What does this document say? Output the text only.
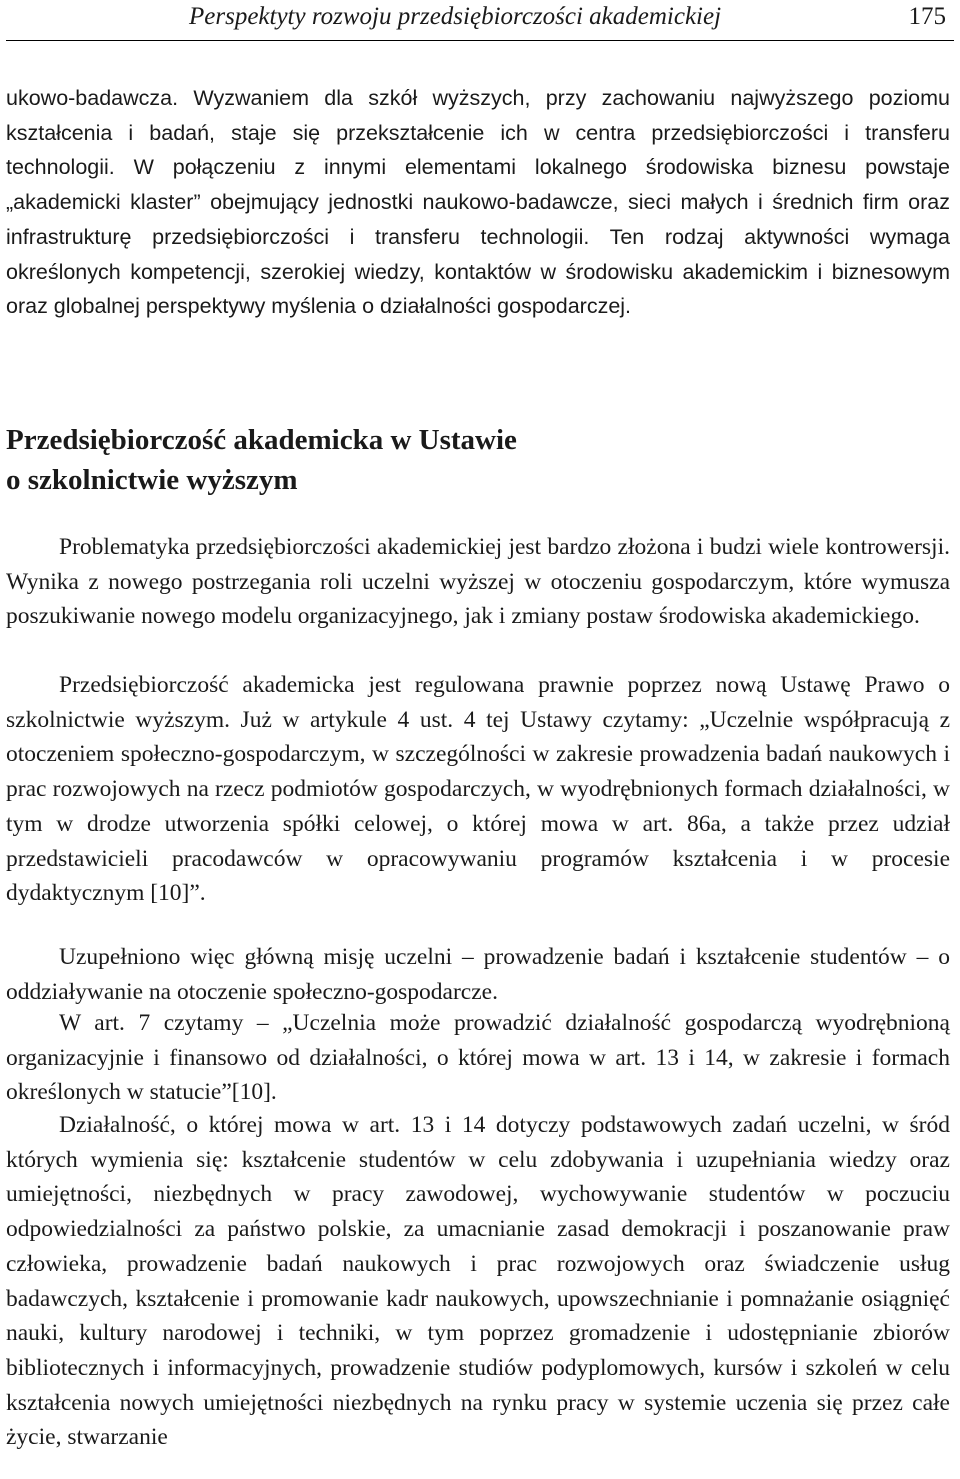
Perspektyty rozwoju przedsiębiorczości akademickiej	175

ukowo-badawcza. Wyzwaniem dla szkół wyższych, przy zachowaniu najwyższego poziomu kształcenia i badań, staje się przekształcenie ich w centra przedsiębiorczości i transferu technologii. W połączeniu z innymi elementami lokalnego środowiska biznesu powstaje „akademicki klaster” obejmujący jednostki naukowo-badawcze, sieci małych i średnich firm oraz infrastrukturę przedsiębiorczości i transferu technologii. Ten rodzaj aktywności wymaga określonych kompetencji, szerokiej wiedzy, kontaktów w środowisku akademickim i biznesowym oraz globalnej perspektywy myślenia o działalności gospodarczej.

Przedsiębiorczość akademicka w Ustawie
o szkolnictwie wyższym

Problematyka przedsiębiorczości akademickiej jest bardzo złożona i budzi wiele kontrowersji. Wynika z nowego postrzegania roli uczelni wyższej w otoczeniu gospodarczym, które wymusza poszukiwanie nowego modelu organizacyjnego, jak i zmiany postaw środowiska akademickiego.

Przedsiębiorczość akademicka jest regulowana prawnie poprzez nową Ustawę Prawo o szkolnictwie wyższym. Już w artykule 4 ust. 4 tej Ustawy czytamy: „Uczelnie współpracują z otoczeniem społeczno-gospodarczym, w szczególności w zakresie prowadzenia badań naukowych i prac rozwojowych na rzecz podmiotów gospodarczych, w wyodrębnionych formach działalności, w tym w drodze utworzenia spółki celowej, o której mowa w art. 86a, a także przez udział przedstawicieli pracodawców w opracowywaniu programów kształcenia i w procesie dydaktycznym [10]”.

Uzupełniono więc główną misję uczelni – prowadzenie badań i kształcenie studentów – o oddziaływanie na otoczenie społeczno-gospodarcze.

W art. 7 czytamy – „Uczelnia może prowadzić działalność gospodarczą wyodrębnioną organizacyjnie i finansowo od działalności, o której mowa w art. 13 i 14, w zakresie i formach określonych w statucie”[10].

Działalność, o której mowa w art. 13 i 14 dotyczy podstawowych zadań uczelni, w śród których wymienia się: kształcenie studentów w celu zdobywania i uzupełniania wiedzy oraz umiejętności, niezbędnych w pracy zawodowej, wychowywanie studentów w poczuciu odpowiedzialności za państwo polskie, za umacnianie zasad demokracji i poszanowanie praw człowieka, prowadzenie badań naukowych i prac rozwojowych oraz świadczenie usług badawczych, kształcenie i promowanie kadr naukowych, upowszechnianie i pomnażanie osiągnięć nauki, kultury narodowej i techniki, w tym poprzez gromadzenie i udostępnianie zbiorów bibliotecznych i informacyjnych, prowadzenie studiów podyplomowych, kursów i szkoleń w celu kształcenia nowych umiejętności niezbędnych na rynku pracy w systemie uczenia się przez całe życie, stwarzanie
